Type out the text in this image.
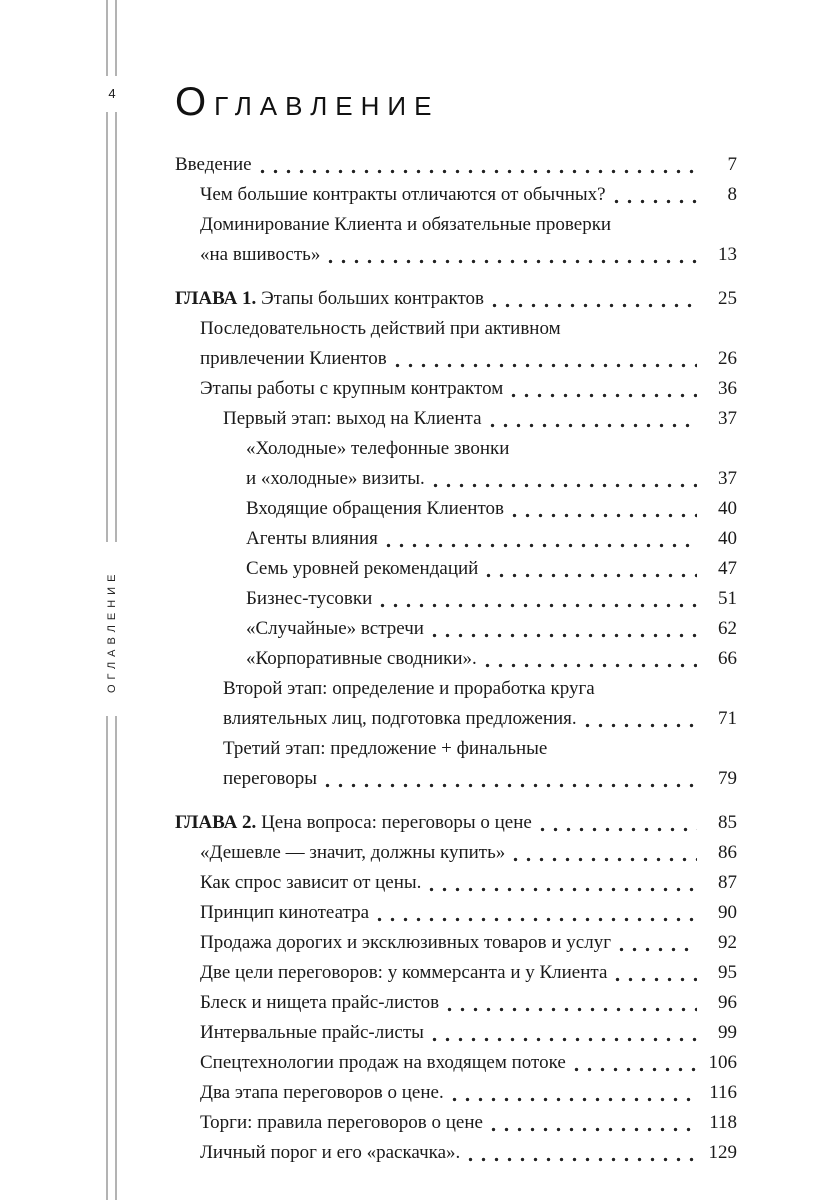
4
ОГЛАВЛЕНИЕ
ОГЛАВЛЕНИЕ
Введение	7
Чем большие контракты отличаются от обычных?	8
Доминирование Клиента и обязательные проверки
«на вшивость»	13
ГЛАВА 1. Этапы больших контрактов	25
Последовательность действий при активном
привлечении Клиентов	26
Этапы работы с крупным контрактом	36
Первый этап: выход на Клиента	37
«Холодные» телефонные звонки
и «холодные» визиты.	37
Входящие обращения Клиентов	40
Агенты влияния	40
Семь уровней рекомендаций	47
Бизнес-тусовки	51
«Случайные» встречи	62
«Корпоративные сводники».	66
Второй этап: определение и проработка круга
влиятельных лиц, подготовка предложения.	71
Третий этап: предложение + финальные
переговоры	79
ГЛАВА 2. Цена вопроса: переговоры о цене	85
«Дешевле — значит, должны купить»	86
Как спрос зависит от цены.	87
Принцип кинотеатра	90
Продажа дорогих и эксклюзивных товаров и услуг	92
Две цели переговоров: у коммерсанта и у Клиента	95
Блеск и нищета прайс-листов	96
Интервальные прайс-листы	99
Спецтехнологии продаж на входящем потоке	106
Два этапа переговоров о цене.	116
Торги: правила переговоров о цене	118
Личный порог и его «раскачка».	129
